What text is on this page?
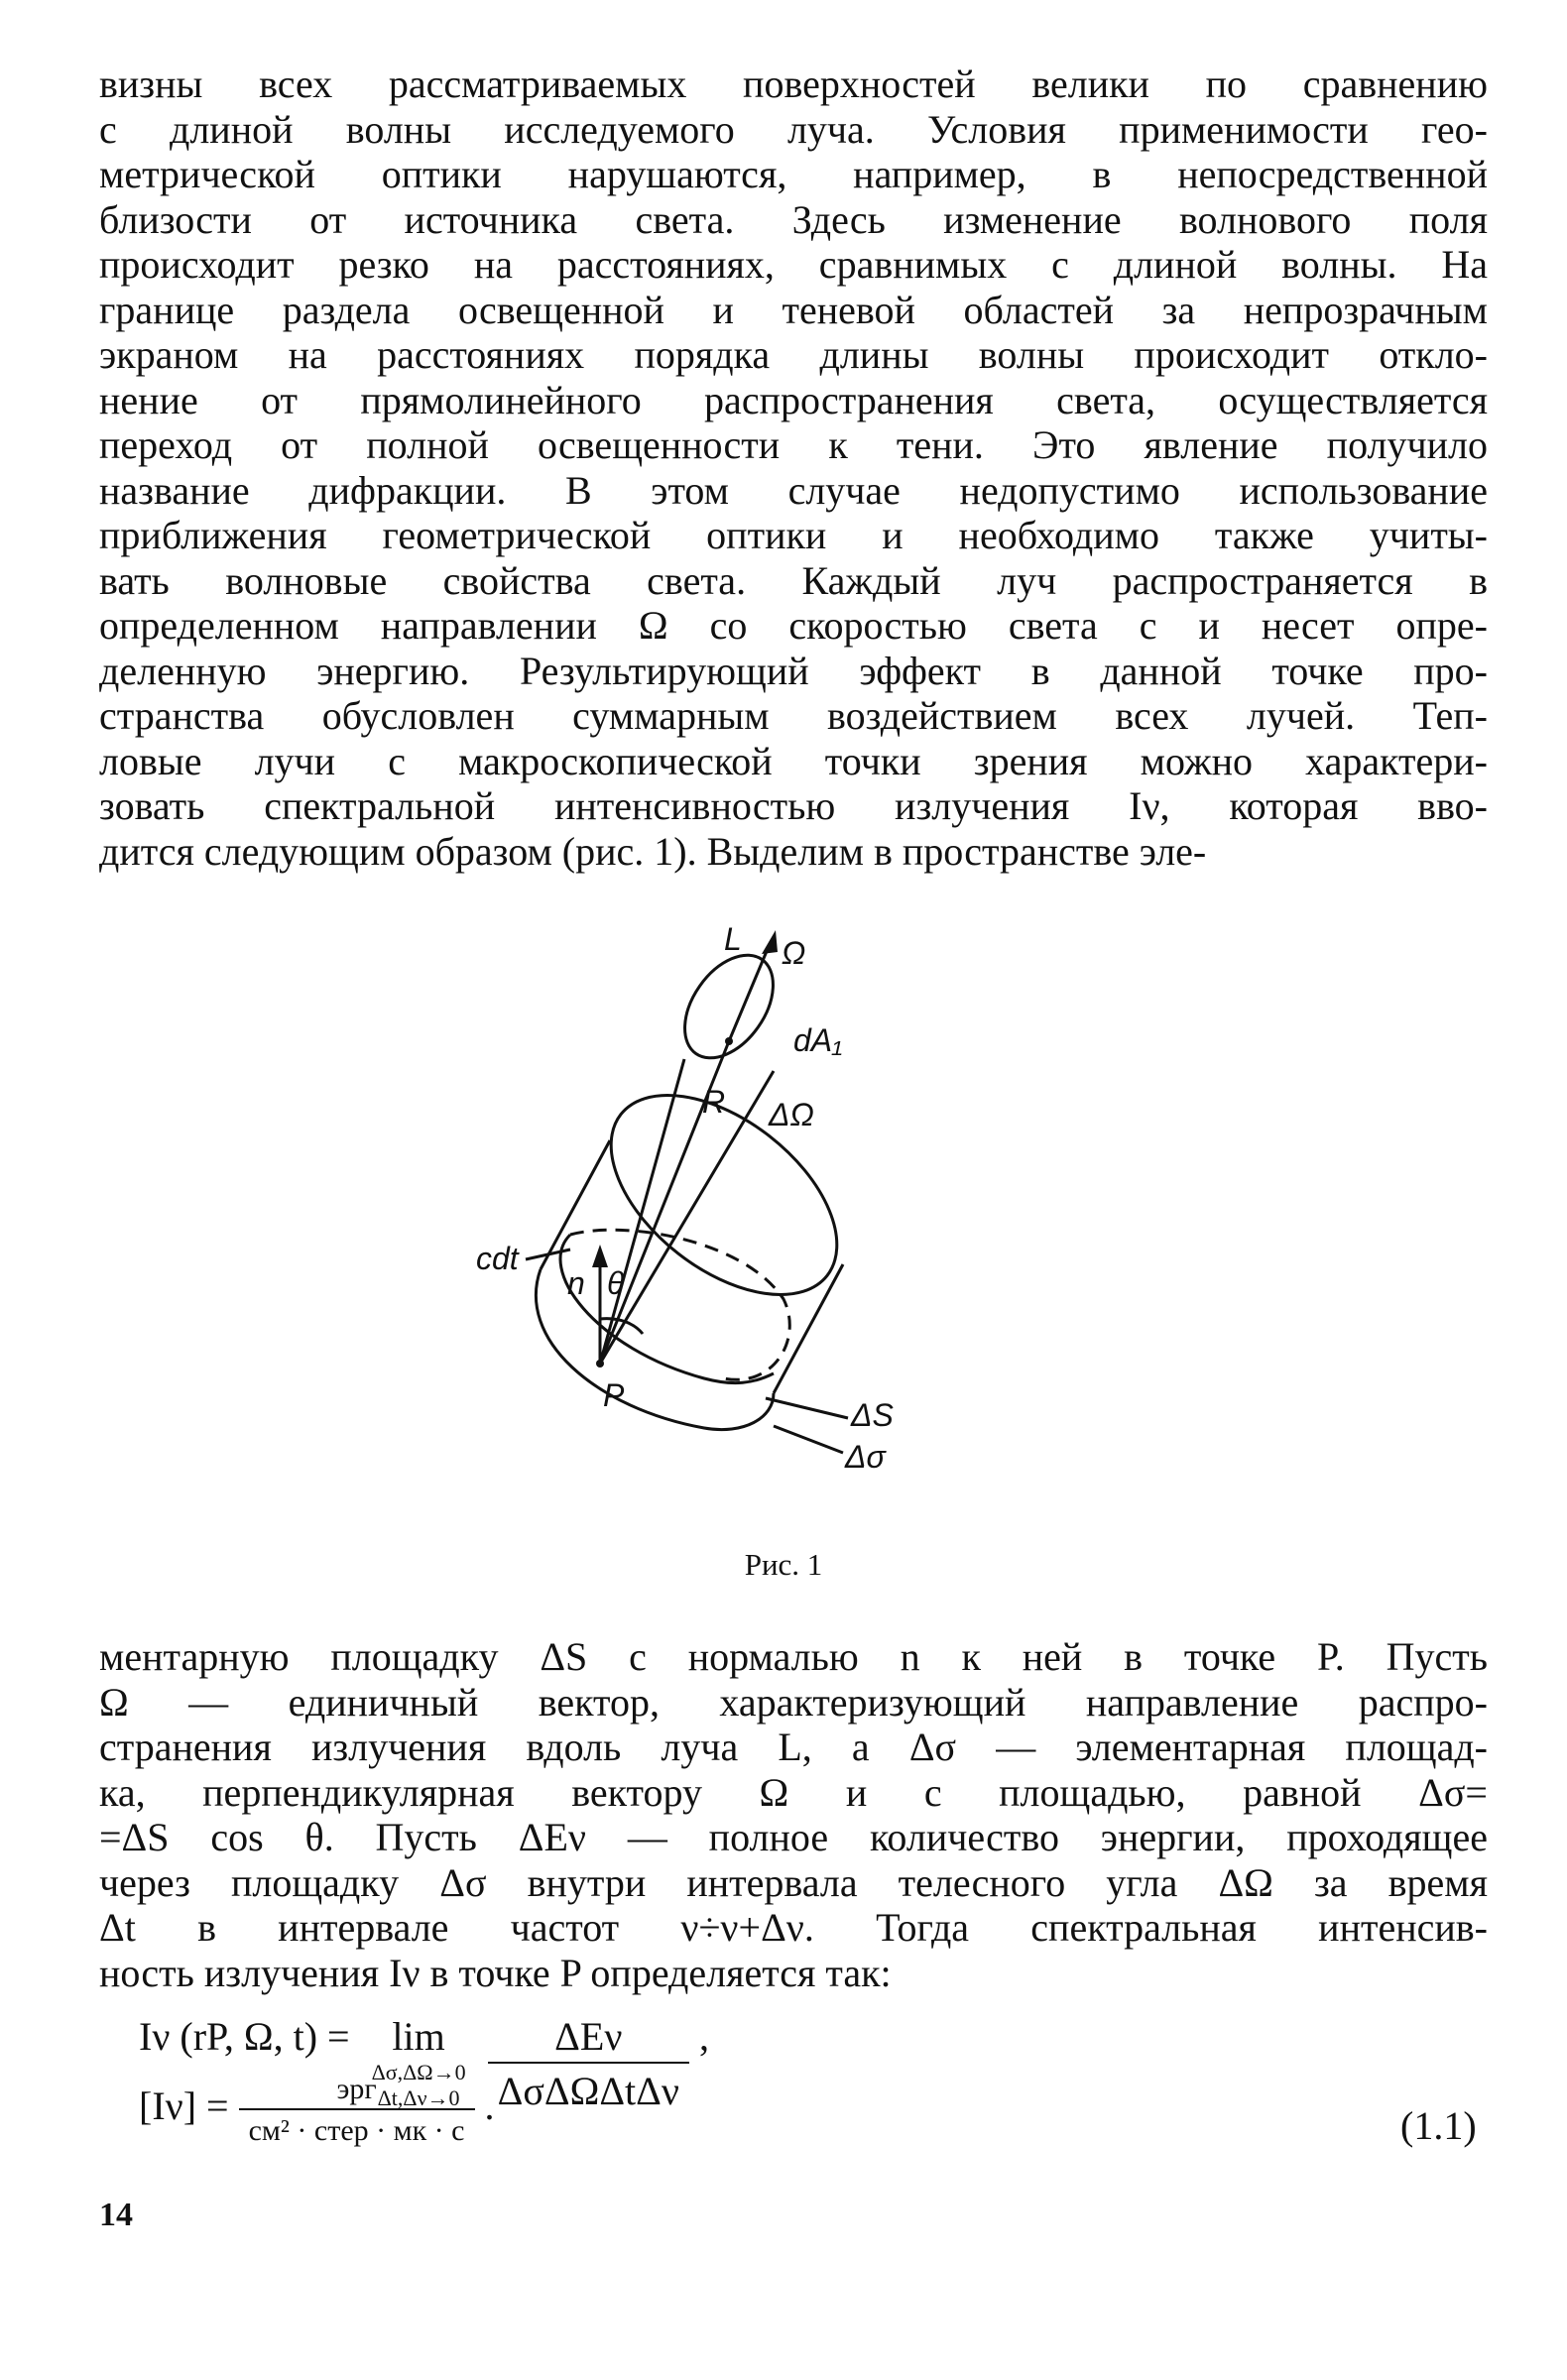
визны всех рассматриваемых поверхностей велики по сравнению
с длиной волны исследуемого луча. Условия применимости гео-
метрической оптики нарушаются, например, в непосредственной
близости от источника света. Здесь изменение волнового поля
происходит резко на расстояниях, сравнимых с длиной волны. На
границе раздела освещенной и теневой областей за непрозрачным
экраном на расстояниях порядка длины волны происходит откло-
нение от прямолинейного распространения света, осуществляется
переход от полной освещенности к тени. Это явление получило
название дифракции. В этом случае недопустимо использование
приближения геометрической оптики и необходимо также учиты-
вать волновые свойства света. Каждый луч распространяется в
определенном направлении Ω со скоростью света c и несет опре-
деленную энергию. Результирующий эффект в данной точке про-
странства обусловлен суммарным воздействием всех лучей. Теп-
ловые лучи с макроскопической точки зрения можно характери-
зовать спектральной интенсивностью излучения Iν, которая вво-
дится следующим образом (рис. 1). Выделим в пространстве эле-
L Ω
dA₁
R ΔΩ
n θ
cdt
P
ΔS
Δσ
Рис. 1
ментарную площадку ΔS с нормалью n к ней в точке P. Пусть
Ω — единичный вектор, характеризующий направление распро-
странения излучения вдоль луча L, а Δσ — элементарная площад-
ка, перпендикулярная вектору Ω и с площадью, равной Δσ=
=ΔS cos θ. Пусть ΔEν — полное количество энергии, проходящее
через площадку Δσ внутри интервала телесного угла ΔΩ за время
Δt в интервале частот ν÷ν+Δν. Тогда спектральная интенсив-
ность излучения Iν в точке P определяется так:
Iν (rP, Ω, t) =	lim
Δσ,ΔΩ→0
Δt,Δν→0
$\frac{\text{ΔEν}}{\text{ΔσΔΩΔtΔν}}$ ,
$[I\nu] = \frac{\text{эрг}}{\text{см² · стер · мк · с}}$ .	(1.1)
14
